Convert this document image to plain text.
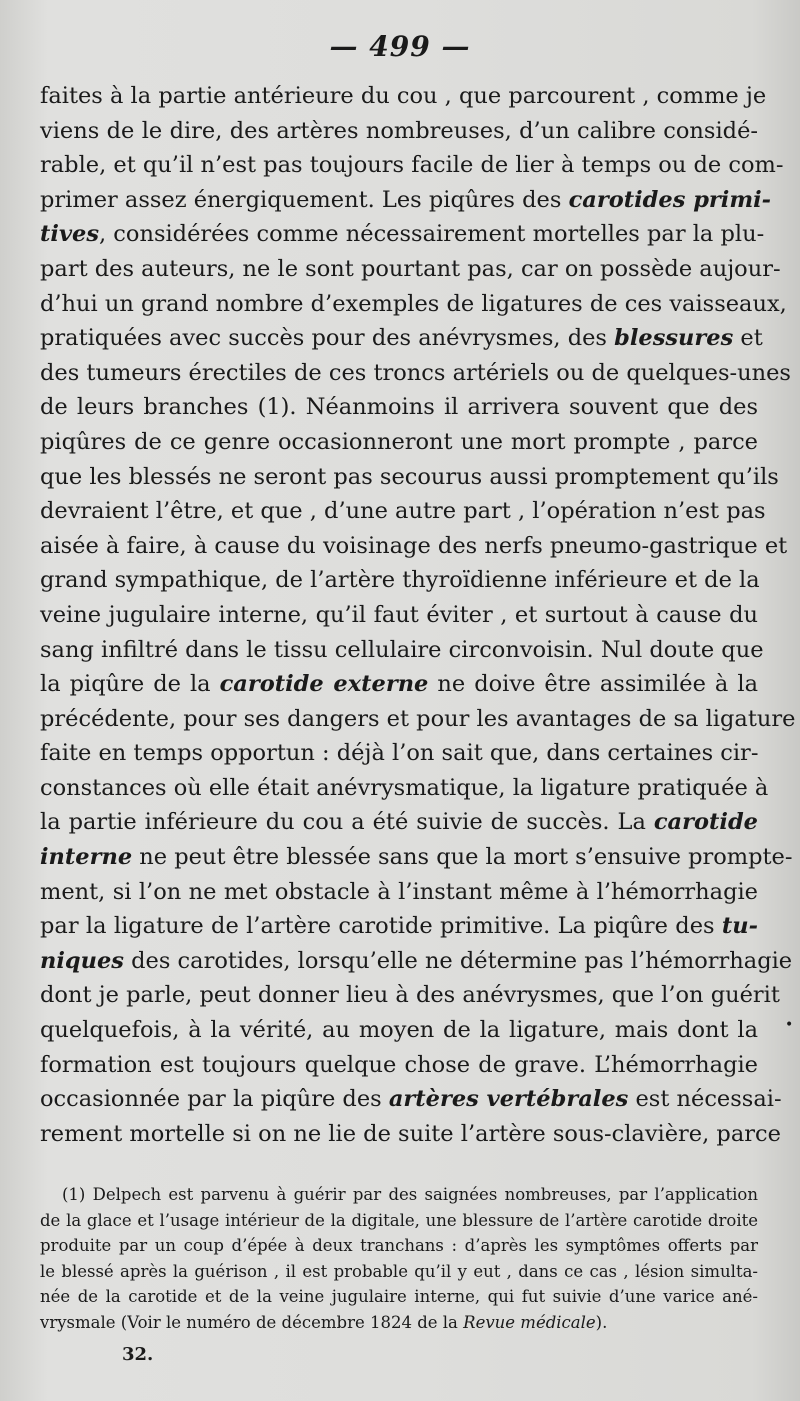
— 499 —
faites à la partie antérieure du cou , que parcourent , comme je
viens de le dire, des artères nombreuses, d’un calibre considé-
rable, et qu’il n’est pas toujours facile de lier à temps ou de com-
primer assez énergiquement. Les piqûres des carotides primi-
tives, considérées comme nécessairement mortelles par la plu-
part des auteurs, ne le sont pourtant pas, car on possède aujour-
d’hui un grand nombre d’exemples de ligatures de ces vaisseaux,
pratiquées avec succès pour des anévrysmes, des blessures et
des tumeurs érectiles de ces troncs artériels ou de quelques-unes
de leurs branches (1). Néanmoins il arrivera souvent que des
piqûres de ce genre occasionneront une mort prompte , parce
que les blessés ne seront pas secourus aussi promptement qu’ils
devraient l’être, et que , d’une autre part , l’opération n’est pas
aisée à faire, à cause du voisinage des nerfs pneumo-gastrique et
grand sympathique, de l’artère thyroïdienne inférieure et de la
veine jugulaire interne, qu’il faut éviter , et surtout à cause du
sang infiltré dans le tissu cellulaire circonvoisin. Nul doute que
la piqûre de la carotide externe ne doive être assimilée à la
précédente, pour ses dangers et pour les avantages de sa ligature
faite en temps opportun : déjà l’on sait que, dans certaines cir-
constances où elle était anévrysmatique, la ligature pratiquée à
la partie inférieure du cou a été suivie de succès. La carotide
interne ne peut être blessée sans que la mort s’ensuive prompte-
ment, si l’on ne met obstacle à l’instant même à l’hémorrhagie
par la ligature de l’artère carotide primitive. La piqûre des tu-
niques des carotides, lorsqu’elle ne détermine pas l’hémorrhagie
dont je parle, peut donner lieu à des anévrysmes, que l’on guérit
quelquefois, à la vérité, au moyen de la ligature, mais dont la
formation est toujours quelque chose de grave. L’hémorrhagie
occasionnée par la piqûre des artères vertébrales est nécessai-
rement mortelle si on ne lie de suite l’artère sous-clavière, parce
(1) Delpech est parvenu à guérir par des saignées nombreuses, par l’application
de la glace et l’usage intérieur de la digitale, une blessure de l’artère carotide droite
produite par un coup d’épée à deux tranchans : d’après les symptômes offerts par
le blessé après la guérison , il est probable qu’il y eut , dans ce cas , lésion simulta-
née de la carotide et de la veine jugulaire interne, qui fut suivie d’une varice ané-
vrysmale (Voir le numéro de décembre 1824 de la Revue médicale).
32.
•
